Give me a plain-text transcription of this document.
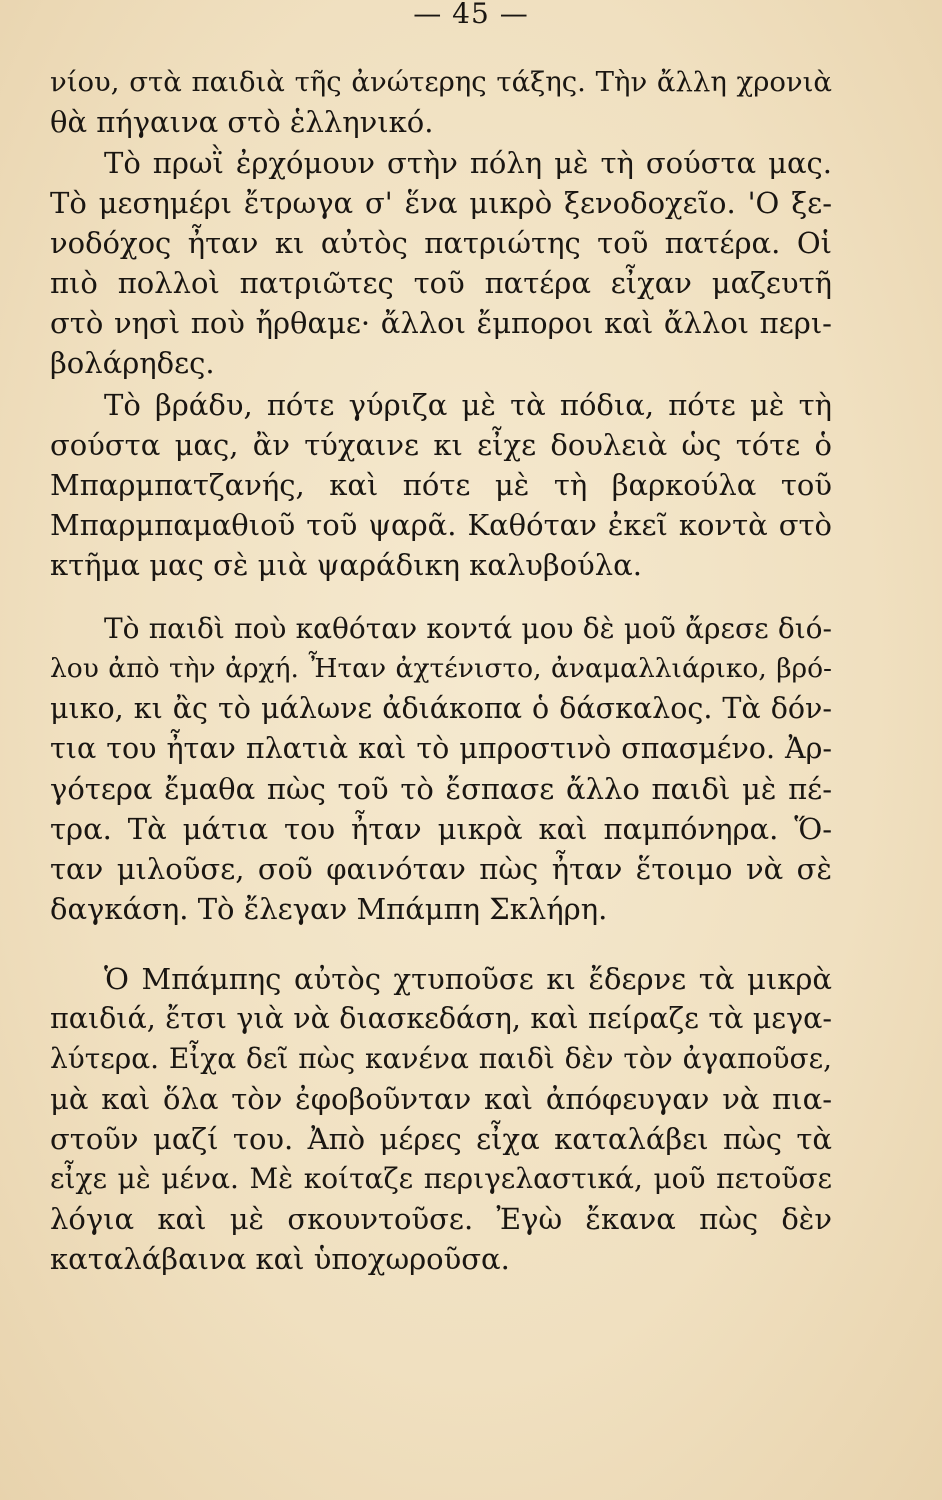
— 45 —
νίου, στὰ παιδιὰ τῆς ἀνώτερης τάξης. Τὴν ἄλλη χρονιὰ
θὰ πήγαινα στὸ ἑλληνικό.
Τὸ πρωῒ ἐρχόμουν στὴν πόλη μὲ τὴ σούστα μας.
Τὸ μεσημέρι ἔτρωγα σ' ἕνα μικρὸ ξενοδοχεῖο. 'Ο ξε-
νοδόχος ἦταν κι αὐτὸς πατριώτης τοῦ πατέρα. Οἱ
πιὸ πολλοὶ πατριῶτες τοῦ πατέρα εἶχαν μαζευτῆ
στὸ νησὶ ποὺ ἤρθαμε· ἄλλοι ἔμποροι καὶ ἄλλοι περι-
βολάρηδες.
Τὸ βράδυ, πότε γύριζα μὲ τὰ πόδια, πότε μὲ τὴ
σούστα μας, ἂν τύχαινε κι εἶχε δουλειὰ ὡς τότε ὁ
Μπαρμπατζανής, καὶ πότε μὲ τὴ βαρκούλα τοῦ
Μπαρμπαμαθιοῦ τοῦ ψαρᾶ. Καθόταν ἐκεῖ κοντὰ στὸ
κτῆμα μας σὲ μιὰ ψαράδικη καλυβούλα.
Τὸ παιδὶ ποὺ καθόταν κοντά μου δὲ μοῦ ἄρεσε διό-
λου ἀπὸ τὴν ἀρχή. Ἦταν ἀχτένιστο, ἀναμαλλιάρικο, βρό-
μικο, κι ἂς τὸ μάλωνε ἀδιάκοπα ὁ δάσκαλος. Τὰ δόν-
τια του ἦταν πλατιὰ καὶ τὸ μπροστινὸ σπασμένο. Ἀρ-
γότερα ἔμαθα πὼς τοῦ τὸ ἔσπασε ἄλλο παιδὶ μὲ πέ-
τρα. Τὰ μάτια του ἦταν μικρὰ καὶ παμπόνηρα. Ὅ-
ταν μιλοῦσε, σοῦ φαινόταν πὼς ἦταν ἕτοιμο νὰ σὲ
δαγκάση. Τὸ ἔλεγαν Μπάμπη Σκλήρη.
Ὁ Μπάμπης αὐτὸς χτυποῦσε κι ἔδερνε τὰ μικρὰ
παιδιά, ἔτσι γιὰ νὰ διασκεδάση, καὶ πείραζε τὰ μεγα-
λύτερα. Εἶχα δεῖ πὼς κανένα παιδὶ δὲν τὸν ἀγαποῦσε,
μὰ καὶ ὅλα τὸν ἐφοβοῦνταν καὶ ἀπόφευγαν νὰ πια-
στοῦν μαζί του. Ἀπὸ μέρες εἶχα καταλάβει πὼς τὰ
εἶχε μὲ μένα. Μὲ κοίταζε περιγελαστικά, μοῦ πετοῦσε
λόγια καὶ μὲ σκουντοῦσε. Ἐγὼ ἔκανα πὼς δὲν
καταλάβαινα καὶ ὑποχωροῦσα.
